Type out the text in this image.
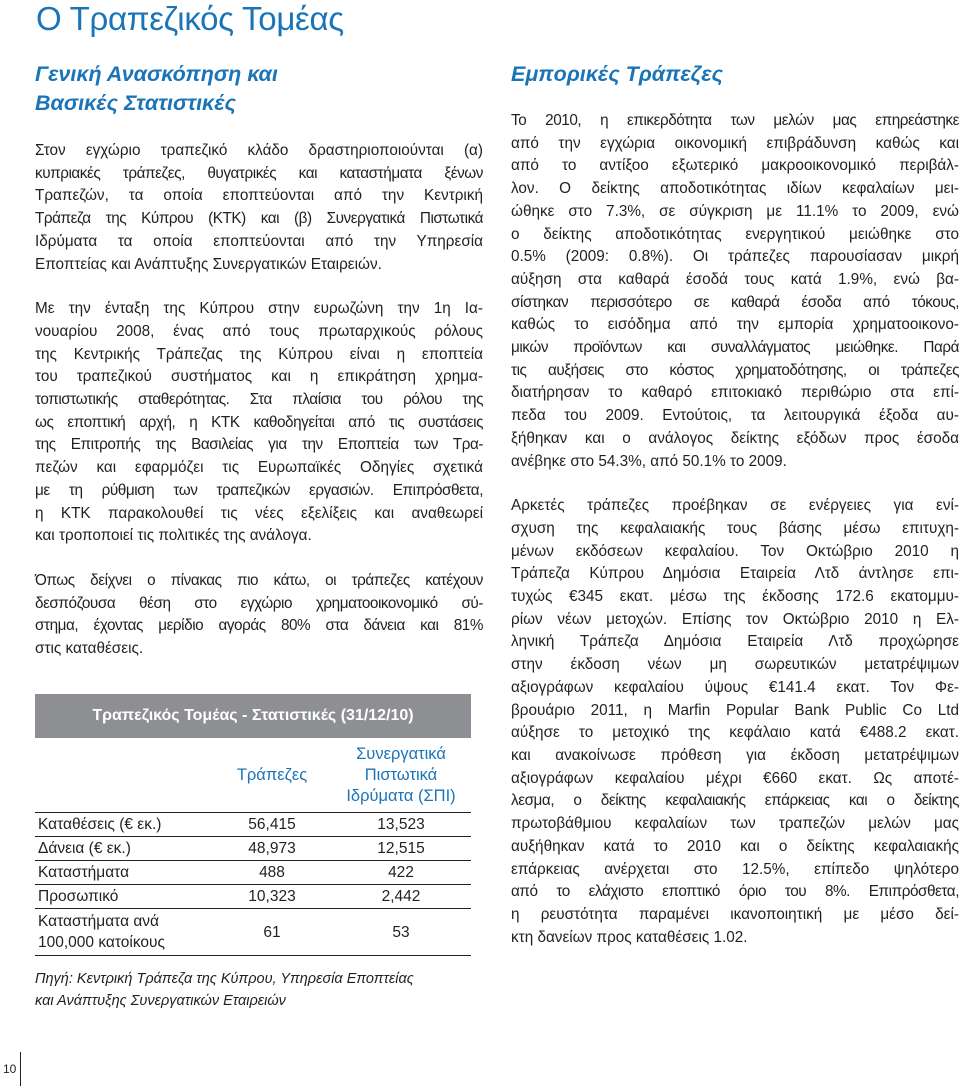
Ο Τραπεζικός Τομέας
Γενική Ανασκόπηση και
Βασικές Στατιστικές

Στον εγχώριο τραπεζικό κλάδο δραστηριοποιούνται (α)
κυπριακές τράπεζες, θυγατρικές και καταστήματα ξένων
Τραπεζών, τα οποία εποπτεύονται από την Κεντρική
Τράπεζα της Κύπρου (ΚΤΚ) και (β) Συνεργατικά Πιστωτικά
Ιδρύματα τα οποία εποπτεύονται από την Υπηρεσία
Εποπτείας και Ανάπτυξης Συνεργατικών Εταιρειών.

Με την ένταξη της Κύπρου στην ευρωζώνη την 1η Ια-
νουαρίου 2008, ένας από τους πρωταρχικούς ρόλους
της Κεντρικής Τράπεζας της Κύπρου είναι η εποπτεία
του τραπεζικού συστήματος και η επικράτηση χρημα-
τοπιστωτικής σταθερότητας. Στα πλαίσια του ρόλου της
ως εποπτική αρχή, η ΚΤΚ καθοδηγείται από τις συστάσεις
της Επιτροπής της Βασιλείας για την Εποπτεία των Τρα-
πεζών και εφαρμόζει τις Ευρωπαϊκές Οδηγίες σχετικά
με τη ρύθμιση των τραπεζικών εργασιών. Επιπρόσθετα,
η ΚΤΚ παρακολουθεί τις νέες εξελίξεις και αναθεωρεί
και τροποποιεί τις πολιτικές της ανάλογα.

Όπως δείχνει ο πίνακας πιο κάτω, οι τράπεζες κατέχουν
δεσπόζουσα θέση στο εγχώριο χρηματοοικονομικό σύ-
στημα, έχοντας μερίδιο αγοράς 80% στα δάνεια και 81%
στις καταθέσεις.

Τραπεζικός Τομέας - Στατιστικές (31/12/10)
	Τράπεζες	Συνεργατικά
Πιστωτικά
Ιδρύματα (ΣΠΙ)

Καταθέσεις (€ εκ.)	56,415	13,523
Δάνεια (€ εκ.)	48,973	12,515
Καταστήματα	488	422
Προσωπικό	10,323	2,442

Καταστήματα ανά
100,000 κατοίκους	61	53
Πηγή: Κεντρική Τράπεζα της Κύπρου, Υπηρεσία Εποπτείας
και Ανάπτυξης Συνεργατικών Εταιρειών
Εμπορικές Τράπεζες

Το 2010, η επικερδότητα των μελών μας επηρεάστηκε
από την εγχώρια οικονομική επιβράδυνση καθώς και
από το αντίξοο εξωτερικό μακροοικονομικό περιβάλ-
λον. Ο δείκτης αποδοτικότητας ιδίων κεφαλαίων μει-
ώθηκε στο 7.3%, σε σύγκριση με 11.1% το 2009, ενώ
ο δείκτης αποδοτικότητας ενεργητικού μειώθηκε στο
0.5% (2009: 0.8%). Οι τράπεζες παρουσίασαν μικρή
αύξηση στα καθαρά έσοδά τους κατά 1.9%, ενώ βα-
σίστηκαν περισσότερο σε καθαρά έσοδα από τόκους,
καθώς το εισόδημα από την εμπορία χρηματοοικονο-
μικών προϊόντων και συναλλάγματος μειώθηκε. Παρά
τις αυξήσεις στο κόστος χρηματοδότησης, οι τράπεζες
διατήρησαν το καθαρό επιτοκιακό περιθώριο στα επί-
πεδα του 2009. Εντούτοις, τα λειτουργικά έξοδα αυ-
ξήθηκαν και ο ανάλογος δείκτης εξόδων προς έσοδα
ανέβηκε στο 54.3%, από 50.1% το 2009.

Αρκετές τράπεζες προέβηκαν σε ενέργειες για ενί-
σχυση της κεφαλαιακής τους βάσης μέσω επιτυχη-
μένων εκδόσεων κεφαλαίου. Τον Οκτώβριο 2010 η
Τράπεζα Κύπρου Δημόσια Εταιρεία Λτδ άντλησε επι-
τυχώς €345 εκατ. μέσω της έκδοσης 172.6 εκατομμυ-
ρίων νέων μετοχών. Επίσης τον Οκτώβριο 2010 η Ελ-
ληνική Τράπεζα Δημόσια Εταιρεία Λτδ προχώρησε
στην έκδοση νέων μη σωρευτικών μετατρέψιμων
αξιογράφων κεφαλαίου ύψους €141.4 εκατ. Τον Φε-
βρουάριο 2011, η Marfin Popular Bank Public Co Ltd
αύξησε το μετοχικό της κεφάλαιο κατά €488.2 εκατ.
και ανακοίνωσε πρόθεση για έκδοση μετατρέψιμων
αξιογράφων κεφαλαίου μέχρι €660 εκατ. Ως αποτέ-
λεσμα, ο δείκτης κεφαλαιακής επάρκειας και ο δείκτης
πρωτοβάθμιου κεφαλαίων των τραπεζών μελών μας
αυξήθηκαν κατά το 2010 και ο δείκτης κεφαλαιακής
επάρκειας ανέρχεται στο 12.5%, επίπεδο ψηλότερο
από το ελάχιστο εποπτικό όριο του 8%. Επιπρόσθετα,
η ρευστότητα παραμένει ικανοποιητική με μέσο δεί-
κτη δανείων προς καταθέσεις 1.02.

10
